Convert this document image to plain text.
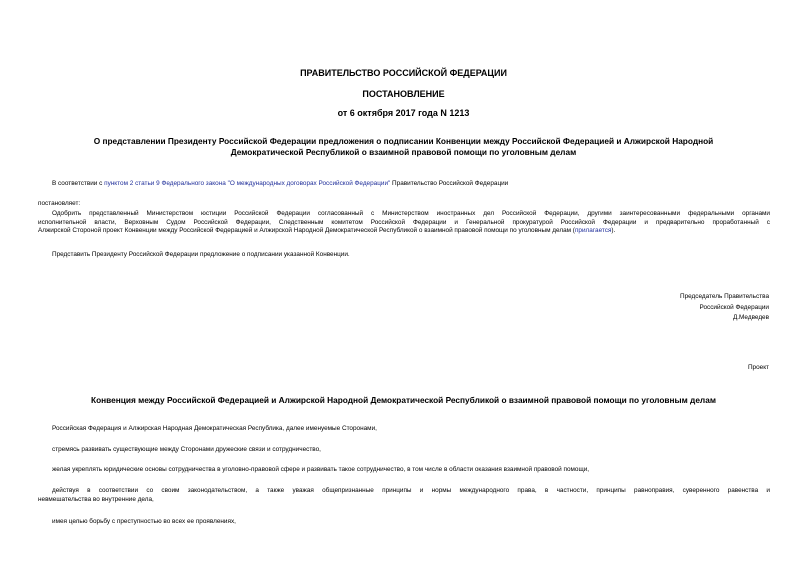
ПРАВИТЕЛЬСТВО РОССИЙСКОЙ ФЕДЕРАЦИИ
ПОСТАНОВЛЕНИЕ
от 6 октября 2017 года N 1213
О представлении Президенту Российской Федерации предложения о подписании Конвенции между Российской Федерацией и Алжирской Народной
Демократической Республикой о взаимной правовой помощи по уголовным делам
В соответствии с пунктом 2 статьи 9 Федерального закона "О международных договорах Российской Федерации" Правительство Российской Федерации
постановляет:
Одобрить представленный Министерством юстиции Российской Федерации согласованный с Министерством иностранных дел Российской Федерации, другими заинтересованными федеральными органами
исполнительной власти, Верховным Судом Российской Федерации, Следственным комитетом Российской Федерации и Генеральной прокуратурой Российской Федерации и предварительно проработанный с
Алжирской Стороной проект Конвенции между Российской Федерацией и Алжирской Народной Демократической Республикой о взаимной правовой помощи по уголовным делам (прилагается).
Представить Президенту Российской Федерации предложение о подписании указанной Конвенции.
Председатель Правительства
Российской Федерации
Д.Медведев
Проект
Конвенция между Российской Федерацией и Алжирской Народной Демократической Республикой о взаимной правовой помощи по уголовным делам
Российская Федерация и Алжирская Народная Демократическая Республика, далее именуемые Сторонами,
стремясь развивать существующие между Сторонами дружеские связи и сотрудничество,
желая укреплять юридические основы сотрудничества в уголовно-правовой сфере и развивать такое сотрудничество, в том числе в области оказания взаимной правовой помощи,
действуя в соответствии со своим законодательством, а также уважая общепризнанные принципы и нормы международного права, в частности, принципы равноправия, суверенного равенства и
невмешательства во внутренние дела,
имея целью борьбу с преступностью во всех ее проявлениях,
